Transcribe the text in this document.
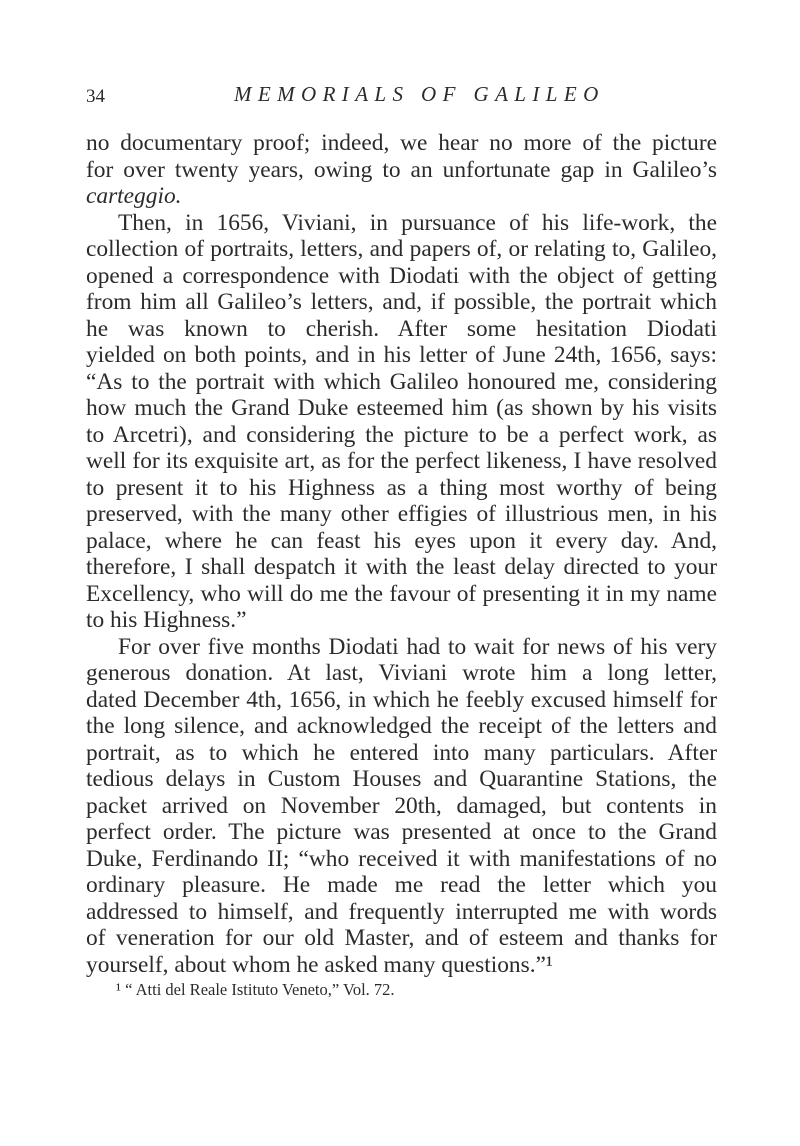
34	MEMORIALS OF GALILEO
no documentary proof; indeed, we hear no more of the picture
for over twenty years, owing to an unfortunate gap in Galileo’s
carteggio.
Then, in 1656, Viviani, in pursuance of his life-work, the
collection of portraits, letters, and papers of, or relating to, Galileo,
opened a correspondence with Diodati with the object of getting
from him all Galileo’s letters, and, if possible, the portrait which
he was known to cherish. After some hesitation Diodati
yielded on both points, and in his letter of June 24th, 1656, says:
“As to the portrait with which Galileo honoured me, considering
how much the Grand Duke esteemed him (as shown by his visits
to Arcetri), and considering the picture to be a perfect work, as
well for its exquisite art, as for the perfect likeness, I have resolved
to present it to his Highness as a thing most worthy of being
preserved, with the many other effigies of illustrious men, in his
palace, where he can feast his eyes upon it every day. And,
therefore, I shall despatch it with the least delay directed to your
Excellency, who will do me the favour of presenting it in my name
to his Highness.”
For over five months Diodati had to wait for news of his very
generous donation. At last, Viviani wrote him a long letter,
dated December 4th, 1656, in which he feebly excused himself for
the long silence, and acknowledged the receipt of the letters and
portrait, as to which he entered into many particulars. After
tedious delays in Custom Houses and Quarantine Stations, the
packet arrived on November 20th, damaged, but contents in
perfect order. The picture was presented at once to the Grand
Duke, Ferdinando II; “who received it with manifestations of no
ordinary pleasure. He made me read the letter which you
addressed to himself, and frequently interrupted me with words
of veneration for our old Master, and of esteem and thanks for
yourself, about whom he asked many questions.”¹
¹ “ Atti del Reale Istituto Veneto,” Vol. 72.
